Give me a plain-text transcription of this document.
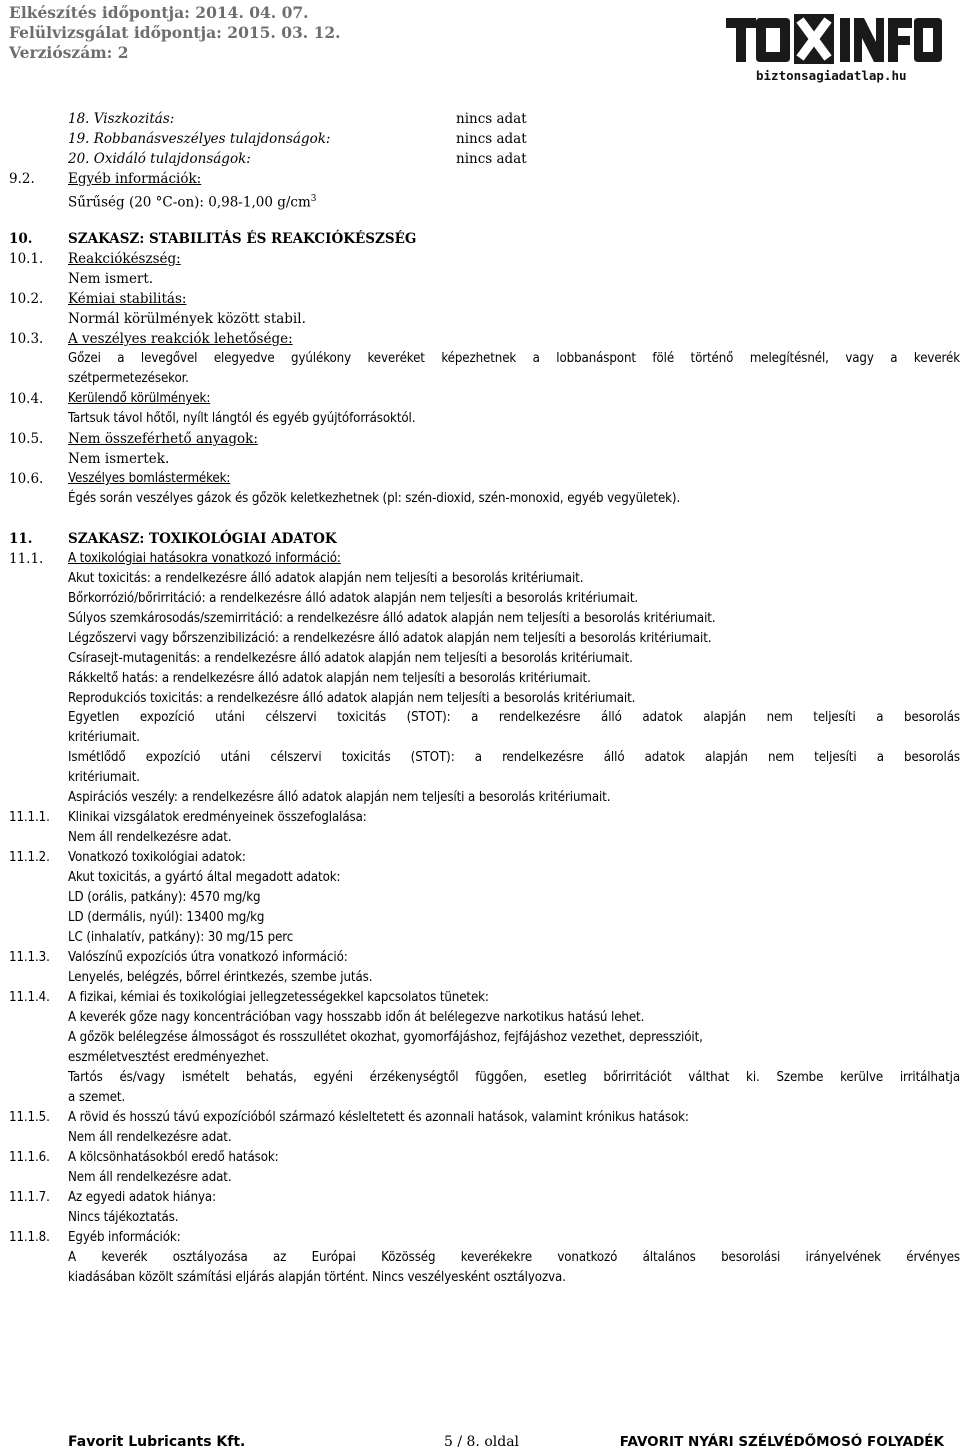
Elkészítés időpontja: 2014. 04. 07.
Felülvizsgálat időpontja: 2015. 03. 12.
Verziószám: 2
biztonsagiadatlap.hu
18. Viszkozitás:	nincs adat
19. Robbanásveszélyes tulajdonságok:	nincs adat
20. Oxidáló tulajdonságok:	nincs adat
9.2. Egyéb információk:
Sűrűség (20 °C-on): 0,98-1,00 $g/cm^3$
10.	SZAKASZ: STABILITÁS ÉS REAKCIÓKÉSZSÉG
10.1. Reakciókészség:
Nem ismert.
10.2. Kémiai stabilitás:
Normál körülmények között stabil.
10.3. A veszélyes reakciók lehetősége:
Gőzei a levegővel elegyedve gyúlékony keveréket képezhetnek a lobbanáspont fölé történő melegítésnél, vagy a keverék
szétpermetezésekor.
10.4. Kerülendő körülmények:
Tartsuk távol hőtől, nyílt lángtól és egyéb gyújtóforrásoktól.
10.5. Nem összeférhető anyagok:
Nem ismertek.
10.6. Veszélyes bomlástermékek:
Égés során veszélyes gázok és gőzök keletkezhetnek (pl: szén-dioxid, szén-monoxid, egyéb vegyületek).
11.	SZAKASZ: TOXIKOLÓGIAI ADATOK
11.1. A toxikológiai hatásokra vonatkozó információ:
Akut toxicitás: a rendelkezésre álló adatok alapján nem teljesíti a besorolás kritériumait.
Bőrkorrózió/bőrirritáció: a rendelkezésre álló adatok alapján nem teljesíti a besorolás kritériumait.
Súlyos szemkárosodás/szemirritáció: a rendelkezésre álló adatok alapján nem teljesíti a besorolás kritériumait.
Légzőszervi vagy bőrszenzibilizáció: a rendelkezésre álló adatok alapján nem teljesíti a besorolás kritériumait.
Csírasejt-mutagenitás: a rendelkezésre álló adatok alapján nem teljesíti a besorolás kritériumait.
Rákkeltő hatás: a rendelkezésre álló adatok alapján nem teljesíti a besorolás kritériumait.
Reprodukciós toxicitás: a rendelkezésre álló adatok alapján nem teljesíti a besorolás kritériumait.
Egyetlen expozíció utáni célszervi toxicitás (STOT): a rendelkezésre álló adatok alapján nem teljesíti a besorolás
kritériumait.
Ismétlődő expozíció utáni célszervi toxicitás (STOT): a rendelkezésre álló adatok alapján nem teljesíti a besorolás
kritériumait.
Aspirációs veszély: a rendelkezésre álló adatok alapján nem teljesíti a besorolás kritériumait.
11.1.1. Klinikai vizsgálatok eredményeinek összefoglalása:
Nem áll rendelkezésre adat.
11.1.2. Vonatkozó toxikológiai adatok:
Akut toxicitás, a gyártó által megadott adatok:
LD (orális, patkány): 4570 mg/kg
LD (dermális, nyúl): 13400 mg/kg
LC (inhalatív, patkány): 30 mg/15 perc
11.1.3. Valószínű expozíciós útra vonatkozó információ:
Lenyelés, belégzés, bőrrel érintkezés, szembe jutás.
11.1.4. A fizikai, kémiai és toxikológiai jellegzetességekkel kapcsolatos tünetek:
A keverék gőze nagy koncentrációban vagy hosszabb időn át belélegezve narkotikus hatású lehet.
A gőzök belélegzése álmosságot és rosszullétet okozhat, gyomorfájáshoz, fejfájáshoz vezethet, depresszióit,
eszméletvesztést eredményezhet.
Tartós és/vagy ismételt behatás, egyéni érzékenységtől függően, esetleg bőrirritációt válthat ki. Szembe kerülve irritálhatja
a szemet.
11.1.5. A rövid és hosszú távú expozícióból származó késleltetett és azonnali hatások, valamint krónikus hatások:
Nem áll rendelkezésre adat.
11.1.6. A kölcsönhatásokból eredő hatások:
Nem áll rendelkezésre adat.
11.1.7. Az egyedi adatok hiánya:
Nincs tájékoztatás.
11.1.8. Egyéb információk:
A keverék osztályozása az Európai Közösség keverékekre vonatkozó általános besorolási irányelvének érvényes
kiadásában közölt számítási eljárás alapján történt. Nincs veszélyesként osztályozva.
Favorit Lubricants Kft.	5 / 8. oldal	FAVORIT NYÁRI SZÉLVÉDŐMOSÓ FOLYADÉK
